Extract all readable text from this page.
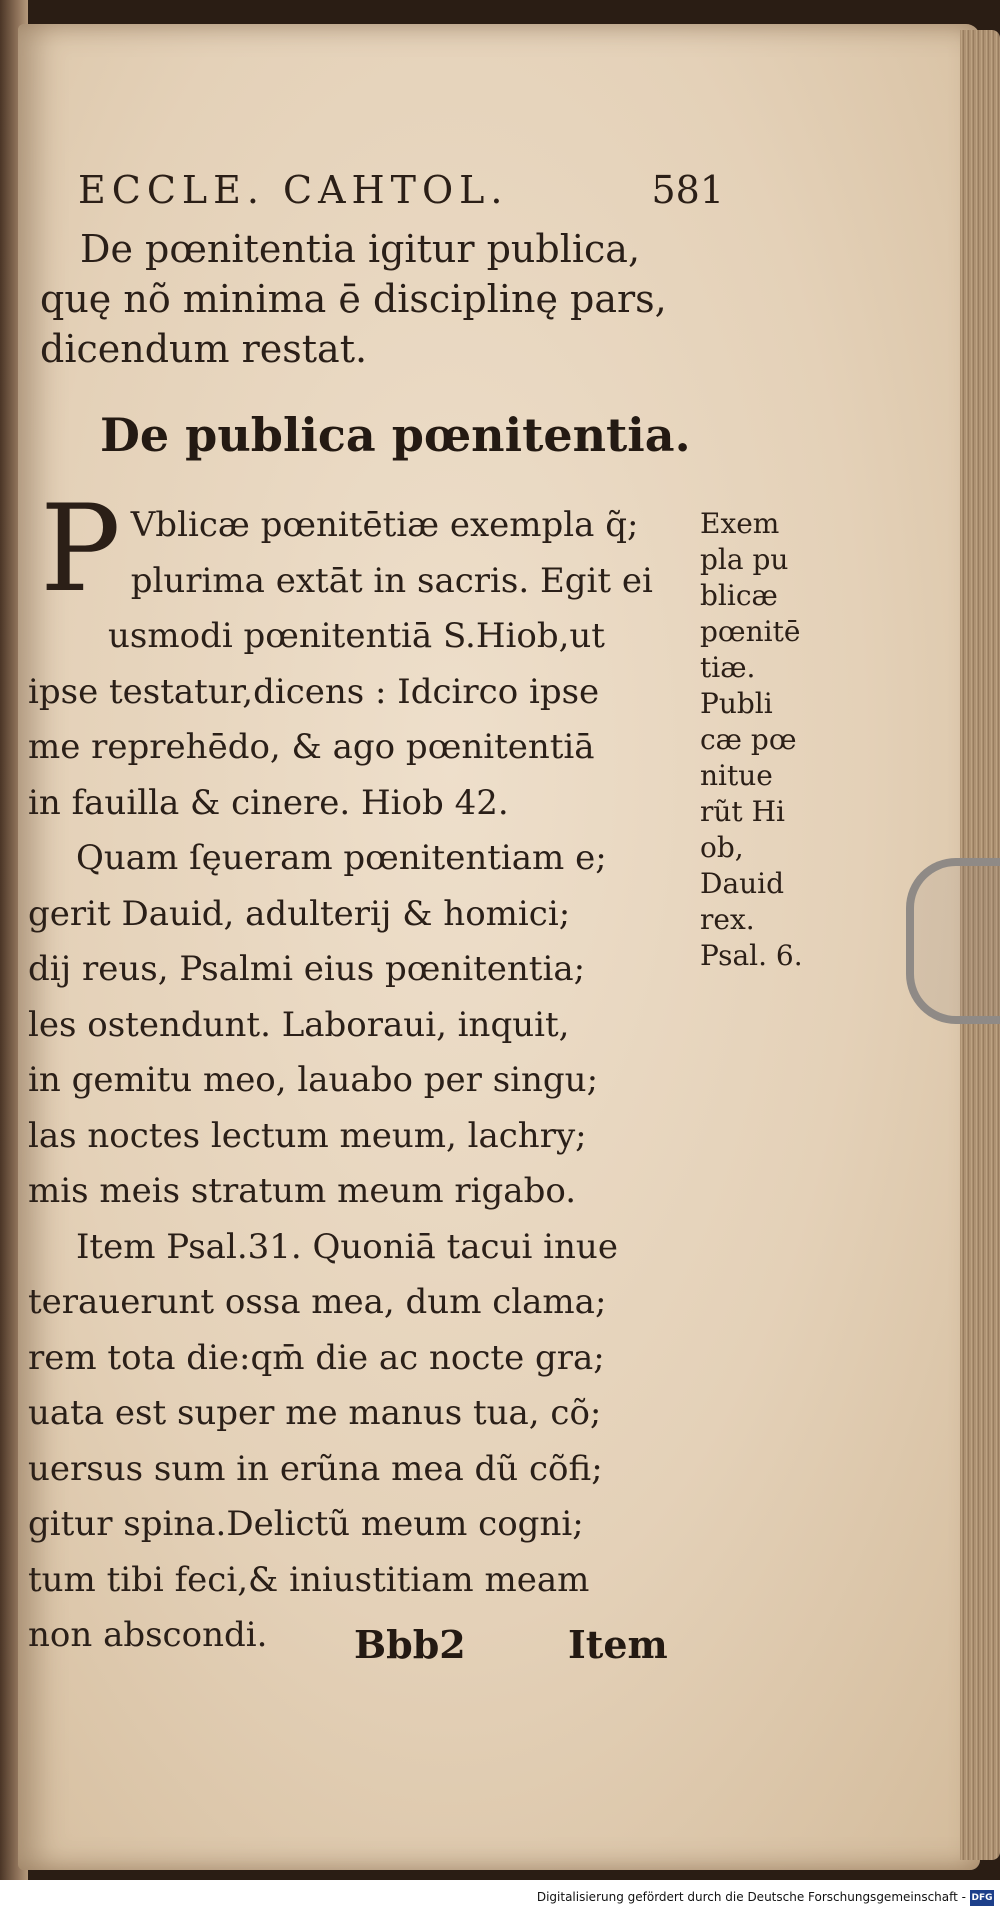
ECCLE. CAHTOL.	581
De pœnitentia igitur publica,
quę nõ minima ē disciplinę pars,
dicendum restat.
De publica pœnitentia.
P Vblicæ pœnitētiæ exempla q̃;
plurima extāt in sacris. Egit ei
usmodi pœnitentiā S.Hiob,ut
ipse testatur,dicens : Idcirco ipse
me reprehēdo, & ago pœnitentiā
in fauilla & cinere. Hiob 42.
Quam ſęueram pœnitentiam e;
gerit Dauid, adulterij & homici;
dij reus, Psalmi eius pœnitentia;
les ostendunt. Laboraui, inquit,
in gemitu meo, lauabo per singu;
las noctes lectum meum, lachry;
mis meis stratum meum rigabo.
Item Psal.31. Quoniā tacui inue
terauerunt ossa mea, dum clama;
rem tota die:qm̄ die ac nocte gra;
uata est super me manus tua, cõ;
uersus sum in erũna mea dũ cõfi;
gitur spina.Delictũ meum cogni;
tum tibi feci,& iniustitiam meam
non abscondi.
Exem
pla pu
blicæ
pœnitē
tiæ.
Publi
cæ pœ
nitue
rũt Hi
ob,
Dauid
rex.
Psal. 6.
Bbb2	Item
Digitalisierung gefördert durch die Deutsche Forschungsgemeinschaft - DFG
